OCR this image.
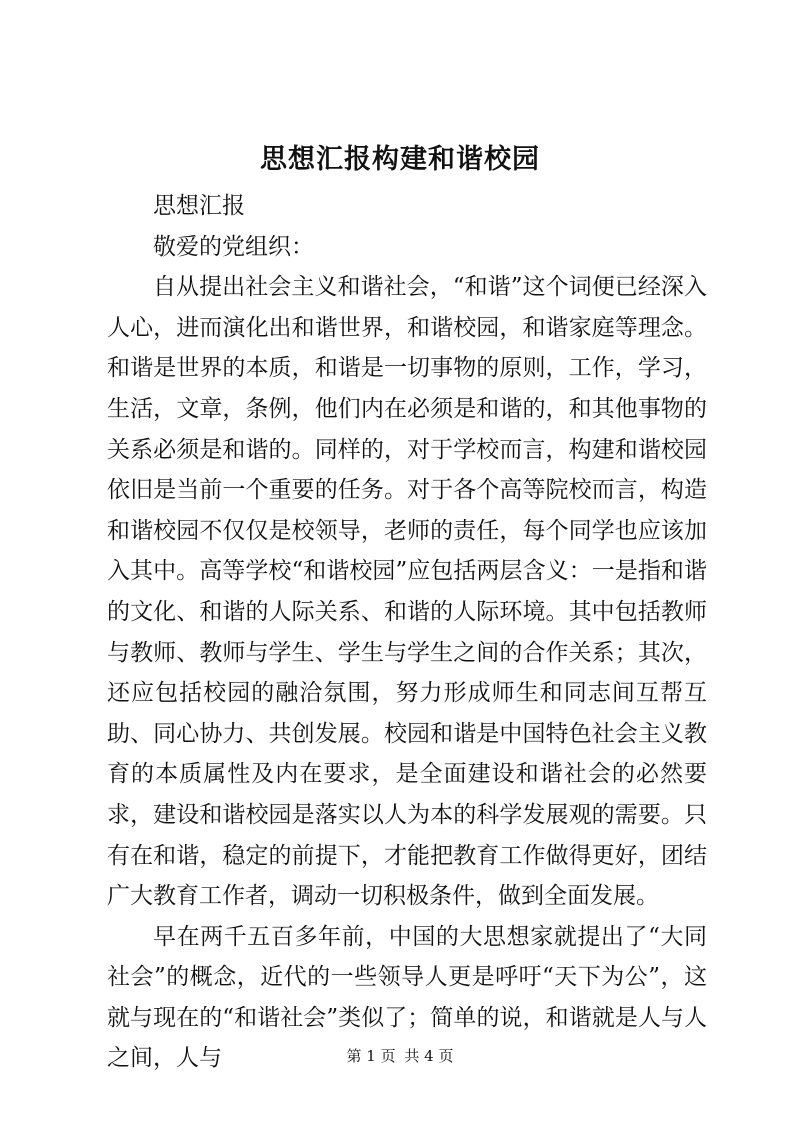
思想汇报构建和谐校园

思想汇报

敬爱的党组织：

自从提出社会主义和谐社会，“和谐”这个词便已经深入人心，进而演化出和谐世界，和谐校园，和谐家庭等理念。和谐是世界的本质，和谐是一切事物的原则，工作，学习，生活，文章，条例，他们内在必须是和谐的，和其他事物的关系必须是和谐的。同样的，对于学校而言，构建和谐校园依旧是当前一个重要的任务。对于各个高等院校而言，构造和谐校园不仅仅是校领导，老师的责任，每个同学也应该加入其中。高等学校“和谐校园”应包括两层含义：一是指和谐的文化、和谐的人际关系、和谐的人际环境。其中包括教师与教师、教师与学生、学生与学生之间的合作关系；其次，还应包括校园的融洽氛围，努力形成师生和同志间互帮互助、同心协力、共创发展。校园和谐是中国特色社会主义教育的本质属性及内在要求，是全面建设和谐社会的必然要求，建设和谐校园是落实以人为本的科学发展观的需要。只有在和谐，稳定的前提下，才能把教育工作做得更好，团结广大教育工作者，调动一切积极条件，做到全面发展。

早在两千五百多年前，中国的大思想家就提出了“大同社会”的概念，近代的一些领导人更是呼吁“天下为公”，这就与现在的“和谐社会”类似了；简单的说，和谐就是人与人之间，人与	第 1 页 共 4 页
